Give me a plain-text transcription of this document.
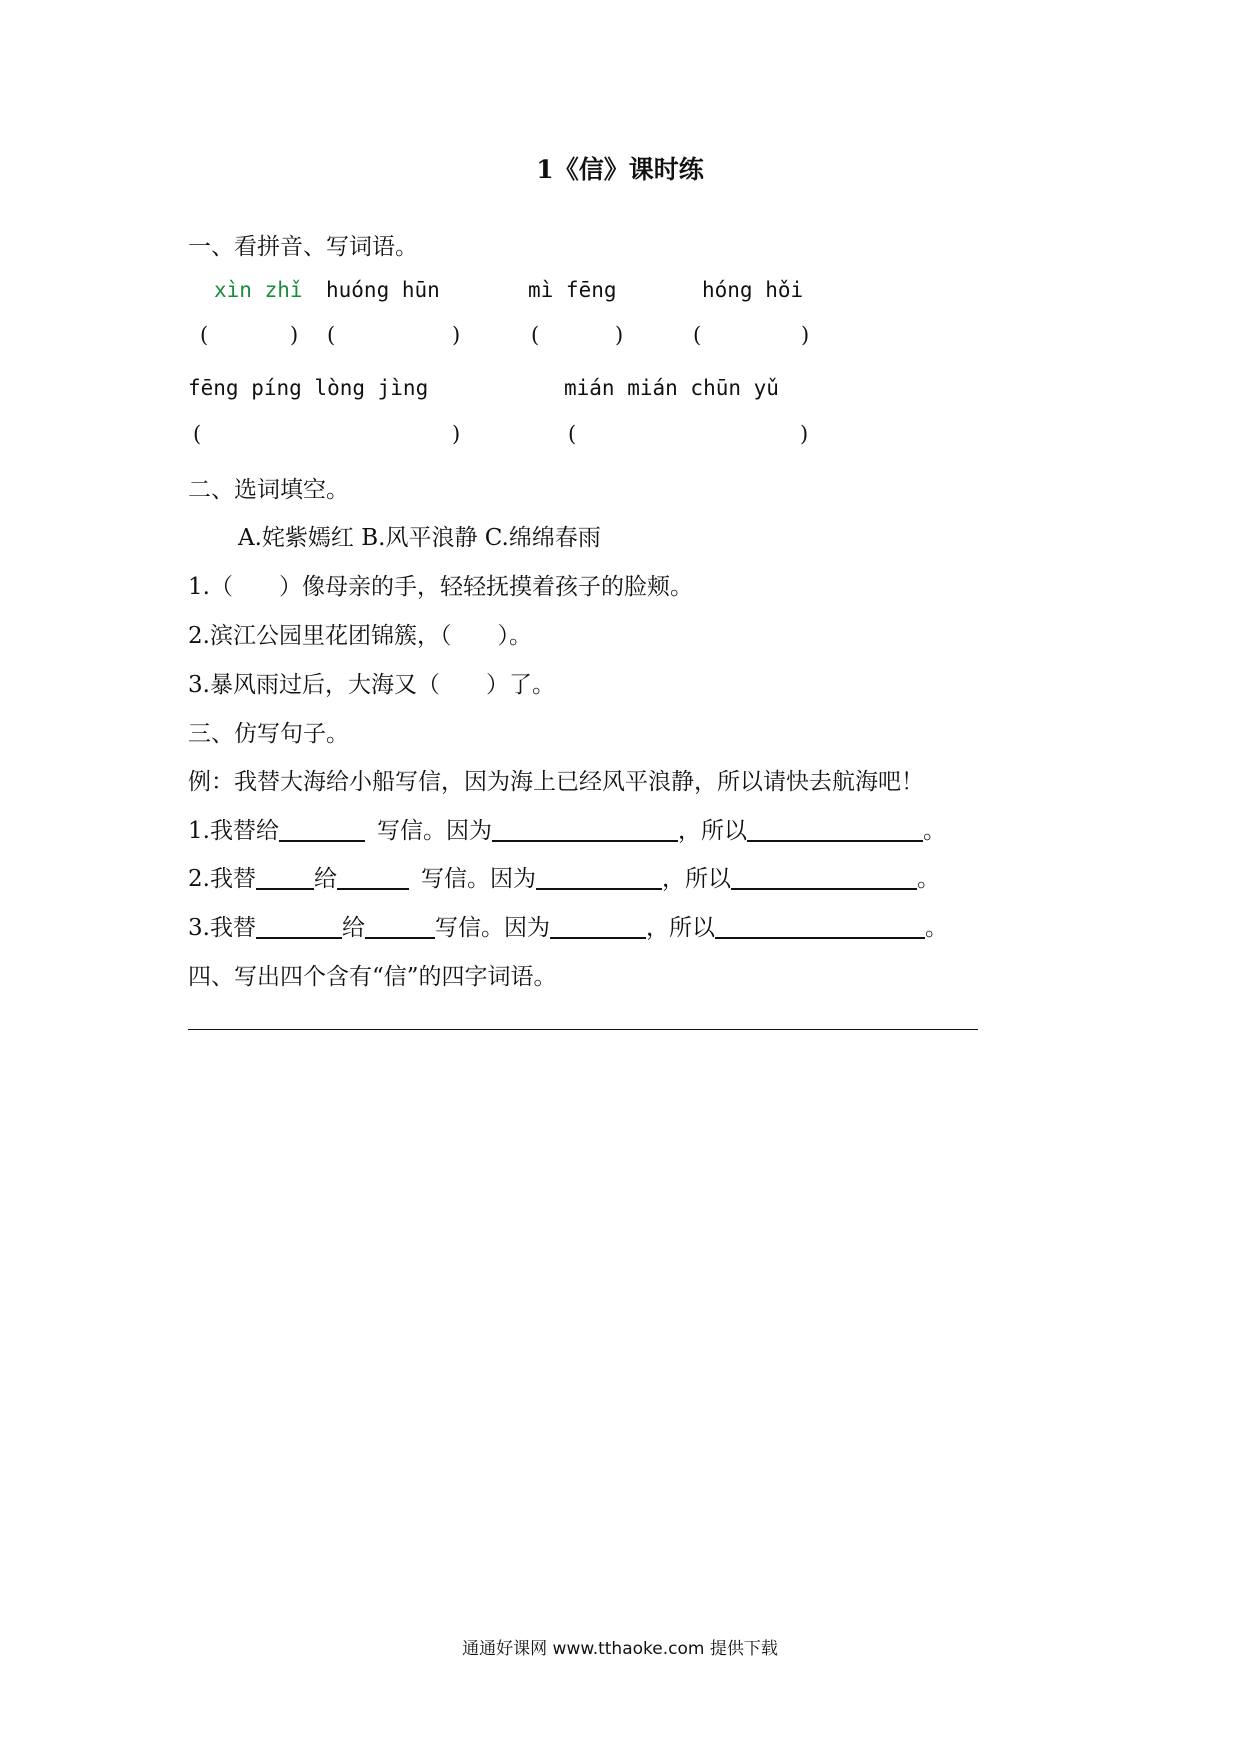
1《信》课时练
一、看拼音、写词语。
xìn zhǐ huóng hūn	mì fēng	hóng hǒi
(	) (	)	(	)	(	)
fēng píng lòng jìng	mián mián chūn yǔ
(	)	(	)
二、选词填空。
A.姹紫嫣红 B.风平浪静 C.绵绵春雨
1.（　　）像母亲的手，轻轻抚摸着孩子的脸颊。
2.滨江公园里花团锦簇，（　　）。
3.暴风雨过后，大海又（　　）了。
三、仿写句子。
例：我替大海给小船写信，因为海上已经风平浪静，所以请快去航海吧！
1.我替给	写信。因为	，所以	。
2.我替	给	写信。因为	，所以	。
3.我替	给	写信。因为	，所以	。
四、写出四个含有“信”的四字词语。
通通好课网 www.tthaoke.com 提供下载
